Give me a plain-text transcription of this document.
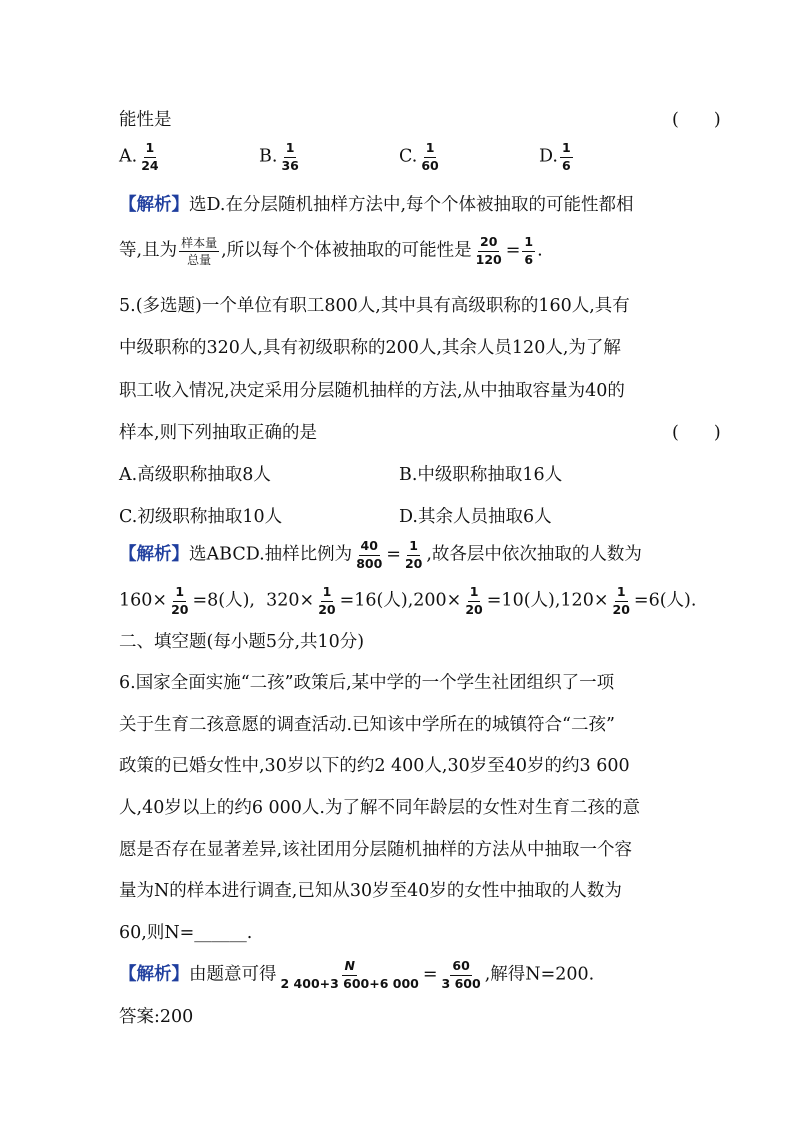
能性是	(　　)
A. $\frac{1}{24}$	B. $\frac{1}{36}$	C. $\frac{1}{60}$	D. $\frac{1}{6}$
【解析】选D.在分层随机抽样方法中,每个个体被抽取的可能性都相
等,且为 $\frac{\text{样本量}}{\text{总量}}$ ,所以每个个体被抽取的可能性是 $\frac{20}{120} = \frac{1}{6}$ .
5.(多选题)一个单位有职工800人,其中具有高级职称的160人,具有
中级职称的320人,具有初级职称的200人,其余人员120人,为了解
职工收入情况,决定采用分层随机抽样的方法,从中抽取容量为40的
样本,则下列抽取正确的是	(　　)
A.高级职称抽取8人	B.中级职称抽取16人
C.初级职称抽取10人	D.其余人员抽取6人
【解析】选ABCD.抽样比例为 $\frac{40}{800} = \frac{1}{20}$ ,故各层中依次抽取的人数为
$160\times \frac{1}{20} =8$(人), $320\times \frac{1}{20} =16$(人)$,200\times \frac{1}{20} =10$(人)$,120\times \frac{1}{20} =6$(人).
二、填空题(每小题5分,共10分)
6.国家全面实施“二孩”政策后,某中学的一个学生社团组织了一项
关于生育二孩意愿的调查活动.已知该中学所在的城镇符合“二孩”
政策的已婚女性中,30岁以下的约2 400人,30岁至40岁的约3 600
人,40岁以上的约6 000人.为了解不同年龄层的女性对生育二孩的意
愿是否存在显著差异,该社团用分层随机抽样的方法从中抽取一个容
量为N的样本进行调查,已知从30岁至40岁的女性中抽取的人数为
60,则N=______.
【解析】由题意可得 $\frac{N}{2 400+3 600+6 000} = \frac{60}{3 600}$ ,解得N=200.
答案:200
